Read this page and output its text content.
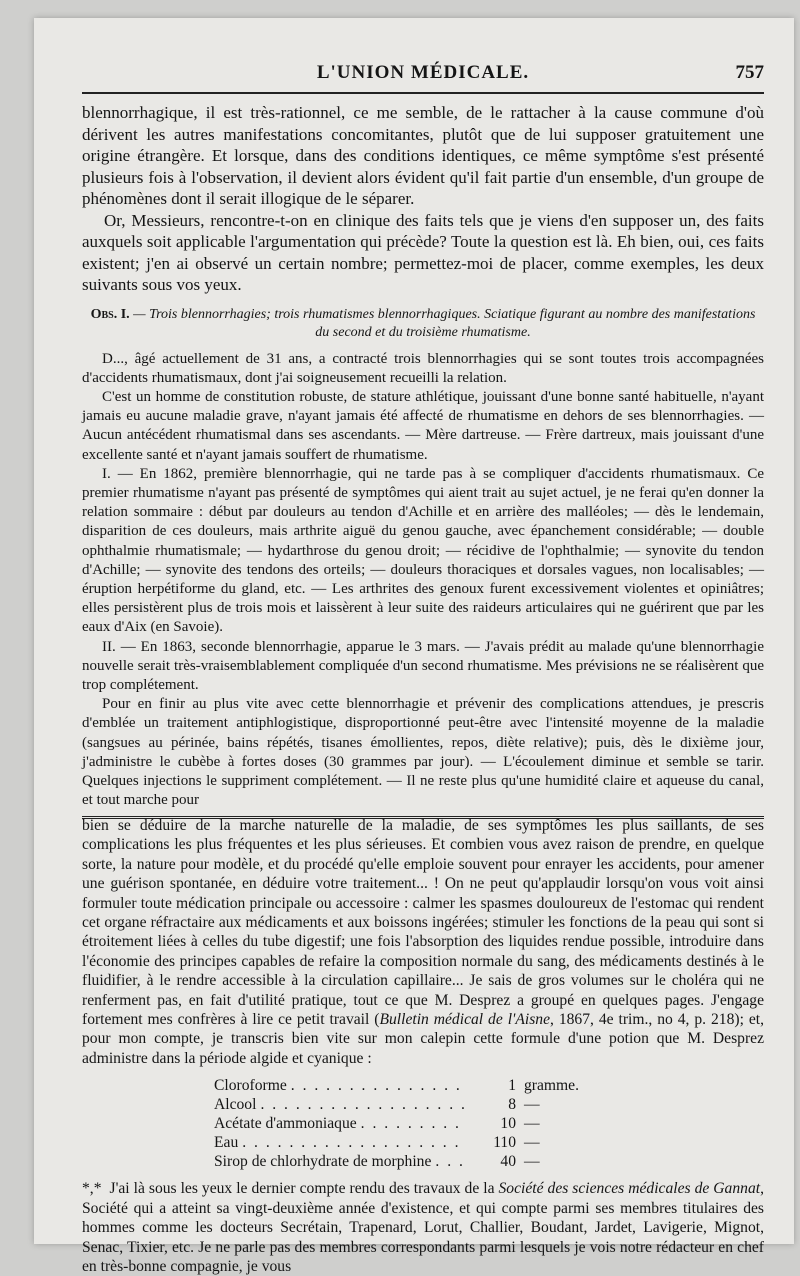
L'UNION MÉDICALE.	757

blennorrhagique, il est très-rationnel, ce me semble, de le rattacher à la cause commune d'où dérivent les autres manifestations concomitantes, plutôt que de lui supposer gratuitement une origine étrangère. Et lorsque, dans des conditions identiques, ce même symptôme s'est présenté plusieurs fois à l'observation, il devient alors évident qu'il fait partie d'un ensemble, d'un groupe de phénomènes dont il serait illogique de le séparer.

Or, Messieurs, rencontre-t-on en clinique des faits tels que je viens d'en supposer un, des faits auxquels soit applicable l'argumentation qui précède? Toute la question est là. Eh bien, oui, ces faits existent; j'en ai observé un certain nombre; permettez-moi de placer, comme exemples, les deux suivants sous vos yeux.

Obs. I. — Trois blennorrhagies; trois rhumatismes blennorrhagiques. Sciatique figurant au nombre des manifestations du second et du troisième rhumatisme.

D..., âgé actuellement de 31 ans, a contracté trois blennorrhagies qui se sont toutes trois accompagnées d'accidents rhumatismaux, dont j'ai soigneusement recueilli la relation.

C'est un homme de constitution robuste, de stature athlétique, jouissant d'une bonne santé habituelle, n'ayant jamais eu aucune maladie grave, n'ayant jamais été affecté de rhumatisme en dehors de ses blennorrhagies. — Aucun antécédent rhumatismal dans ses ascendants. — Mère dartreuse. — Frère dartreux, mais jouissant d'une excellente santé et n'ayant jamais souffert de rhumatisme.

I. — En 1862, première blennorrhagie, qui ne tarde pas à se compliquer d'accidents rhumatismaux. Ce premier rhumatisme n'ayant pas présenté de symptômes qui aient trait au sujet actuel, je ne ferai qu'en donner la relation sommaire : début par douleurs au tendon d'Achille et en arrière des malléoles; — dès le lendemain, disparition de ces douleurs, mais arthrite aiguë du genou gauche, avec épanchement considérable; — double ophthalmie rhumatismale; — hydarthrose du genou droit; — récidive de l'ophthalmie; — synovite du tendon d'Achille; — synovite des tendons des orteils; — douleurs thoraciques et dorsales vagues, non localisables; — éruption herpétiforme du gland, etc. — Les arthrites des genoux furent excessivement violentes et opiniâtres; elles persistèrent plus de trois mois et laissèrent à leur suite des raideurs articulaires qui ne guérirent que par les eaux d'Aix (en Savoie).

II. — En 1863, seconde blennorrhagie, apparue le 3 mars. — J'avais prédit au malade qu'une blennorrhagie nouvelle serait très-vraisemblablement compliquée d'un second rhumatisme. Mes prévisions ne se réalisèrent que trop complétement.

Pour en finir au plus vite avec cette blennorrhagie et prévenir des complications attendues, je prescris d'emblée un traitement antiphlogistique, disproportionné peut-être avec l'intensité moyenne de la maladie (sangsues au périnée, bains répétés, tisanes émollientes, repos, diète relative); puis, dès le dixième jour, j'administre le cubèbe à fortes doses (30 grammes par jour). — L'écoulement diminue et semble se tarir. Quelques injections le suppriment complétement. — Il ne reste plus qu'une humidité claire et aqueuse du canal, et tout marche pour

bien se déduire de la marche naturelle de la maladie, de ses symptômes les plus saillants, de ses complications les plus fréquentes et les plus sérieuses. Et combien vous avez raison de prendre, en quelque sorte, la nature pour modèle, et du procédé qu'elle emploie souvent pour enrayer les accidents, pour amener une guérison spontanée, en déduire votre traitement... ! On ne peut qu'applaudir lorsqu'on vous voit ainsi formuler toute médication principale ou accessoire : calmer les spasmes douloureux de l'estomac qui rendent cet organe réfractaire aux médicaments et aux boissons ingérées; stimuler les fonctions de la peau qui sont si étroitement liées à celles du tube digestif; une fois l'absorption des liquides rendue possible, introduire dans l'économie des principes capables de refaire la composition normale du sang, des médicaments destinés à le fluidifier, à le rendre accessible à la circulation capillaire... Je sais de gros volumes sur le choléra qui ne renferment pas, en fait d'utilité pratique, tout ce que M. Desprez a groupé en quelques pages. J'engage fortement mes confrères à lire ce petit travail (Bulletin médical de l'Aisne, 1867, 4e trim., no 4, p. 218); et, pour mon compte, je transcris bien vite sur mon calepin cette formule d'une potion que M. Desprez administre dans la période algide et cyanique :

Cloroforme . . .	1 gramme.
Alcool . . .	8 —
Acétate d'ammoniaque . . .	10 —
Eau . . .	110 —
Sirop de chlorhydrate de morphine . . .	40 —

*,* J'ai là sous les yeux le dernier compte rendu des travaux de la Société des sciences médicales de Gannat, Société qui a atteint sa vingt-deuxième année d'existence, et qui compte parmi ses membres titulaires des hommes comme les docteurs Secrétain, Trapenard, Lorut, Challier, Boudant, Jardet, Lavigerie, Mignot, Senac, Tixier, etc. Je ne parle pas des membres correspondants parmi lesquels je vois notre rédacteur en chef en très-bonne compagnie, je vous
